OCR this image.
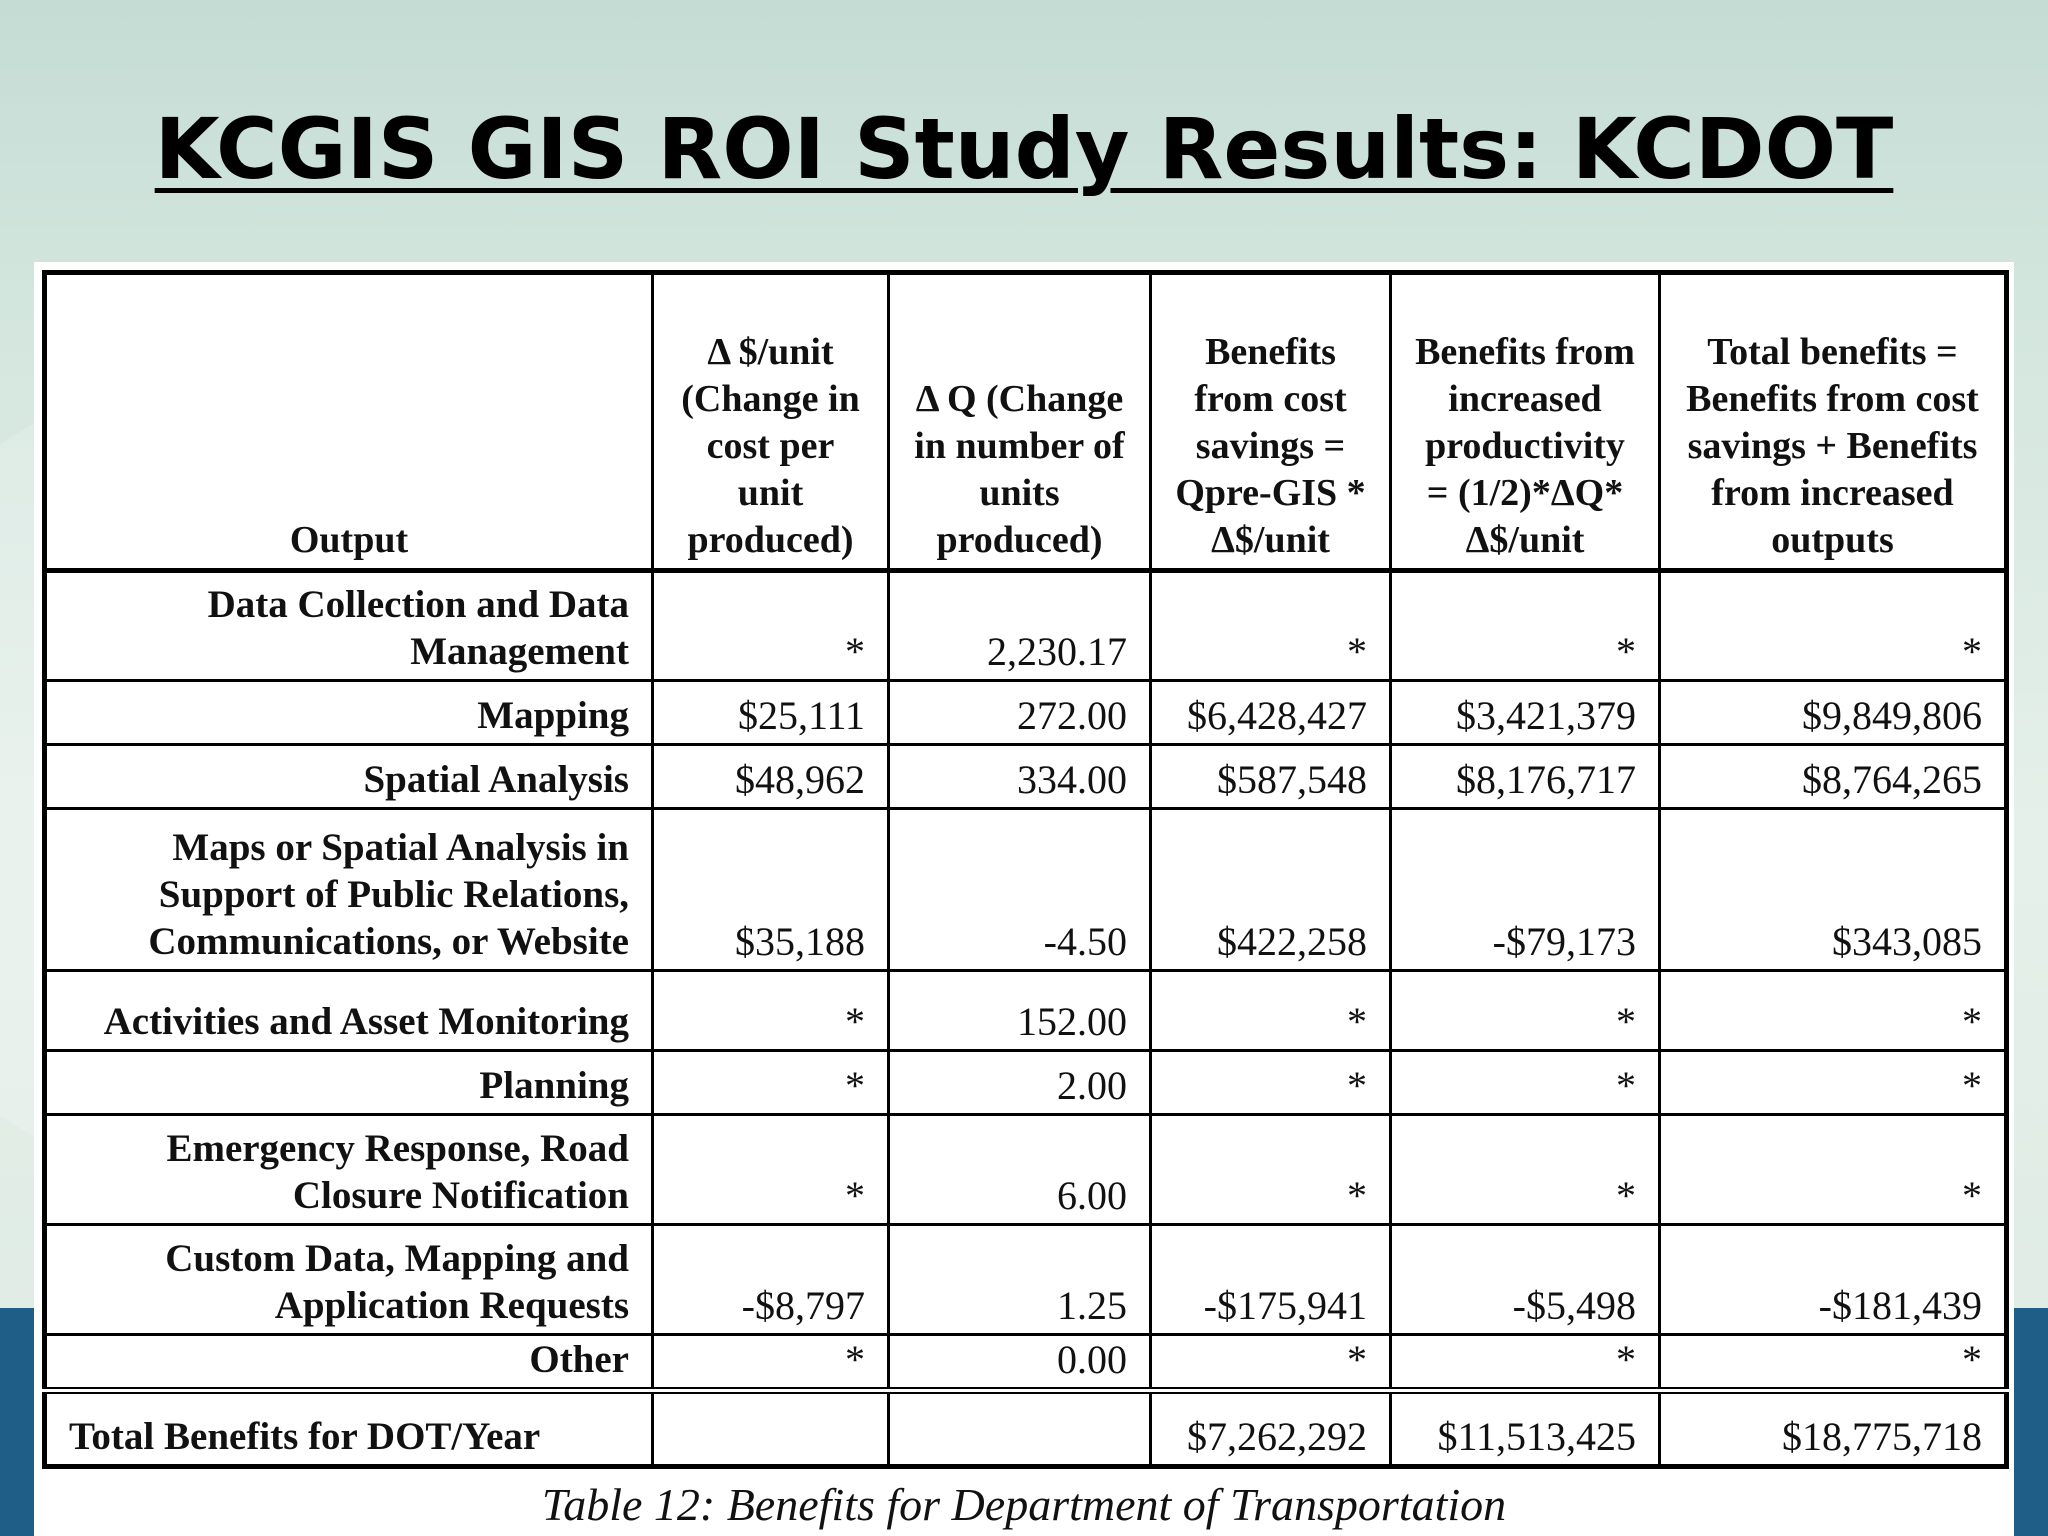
KCGIS GIS ROI Study Results: KCDOT
Output	Δ $/unit (Change in cost per unit produced)	Δ Q (Change in number of units produced)	Benefits from cost savings = Qpre-GIS * Δ$/unit	Benefits from increased productivity = (1/2)*ΔQ* Δ$/unit	Total benefits = Benefits from cost savings + Benefits from increased outputs
Data Collection and Data Management	*	2,230.17	*	*	*
Mapping	$25,111	272.00	$6,428,427	$3,421,379	$9,849,806
Spatial Analysis	$48,962	334.00	$587,548	$8,176,717	$8,764,265
Maps or Spatial Analysis in Support of Public Relations, Communications, or Website	$35,188	-4.50	$422,258	-$79,173	$343,085
Activities and Asset Monitoring	*	152.00	*	*	*
Planning	*	2.00	*	*	*
Emergency Response, Road Closure Notification	*	6.00	*	*	*
Custom Data, Mapping and Application Requests	-$8,797	1.25	-$175,941	-$5,498	-$181,439
Other	*	0.00	*	*	*
Total Benefits for DOT/Year			$7,262,292	$11,513,425	$18,775,718
Table 12: Benefits for Department of Transportation
